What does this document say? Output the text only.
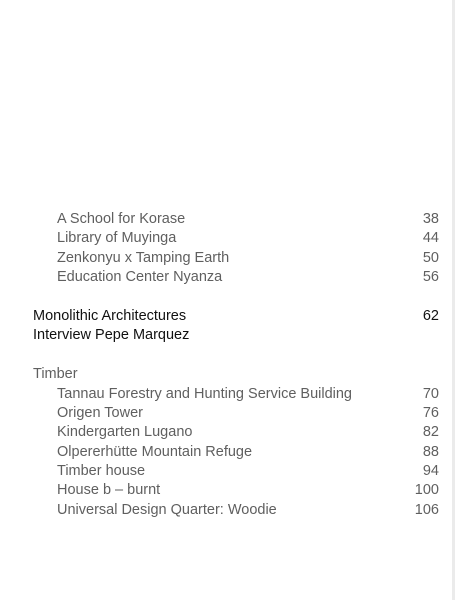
A School for Korase	38
Library of Muyinga	44
Zenkonyu x Tamping Earth	50
Education Center Nyanza	56
Monolithic Architectures	62
Interview Pepe Marquez
Timber
Tannau Forestry and Hunting Service Building	70
Origen Tower	76
Kindergarten Lugano	82
Olpererhütte Mountain Refuge	88
Timber house	94
House b – burnt	100
Universal Design Quarter: Woodie	106
